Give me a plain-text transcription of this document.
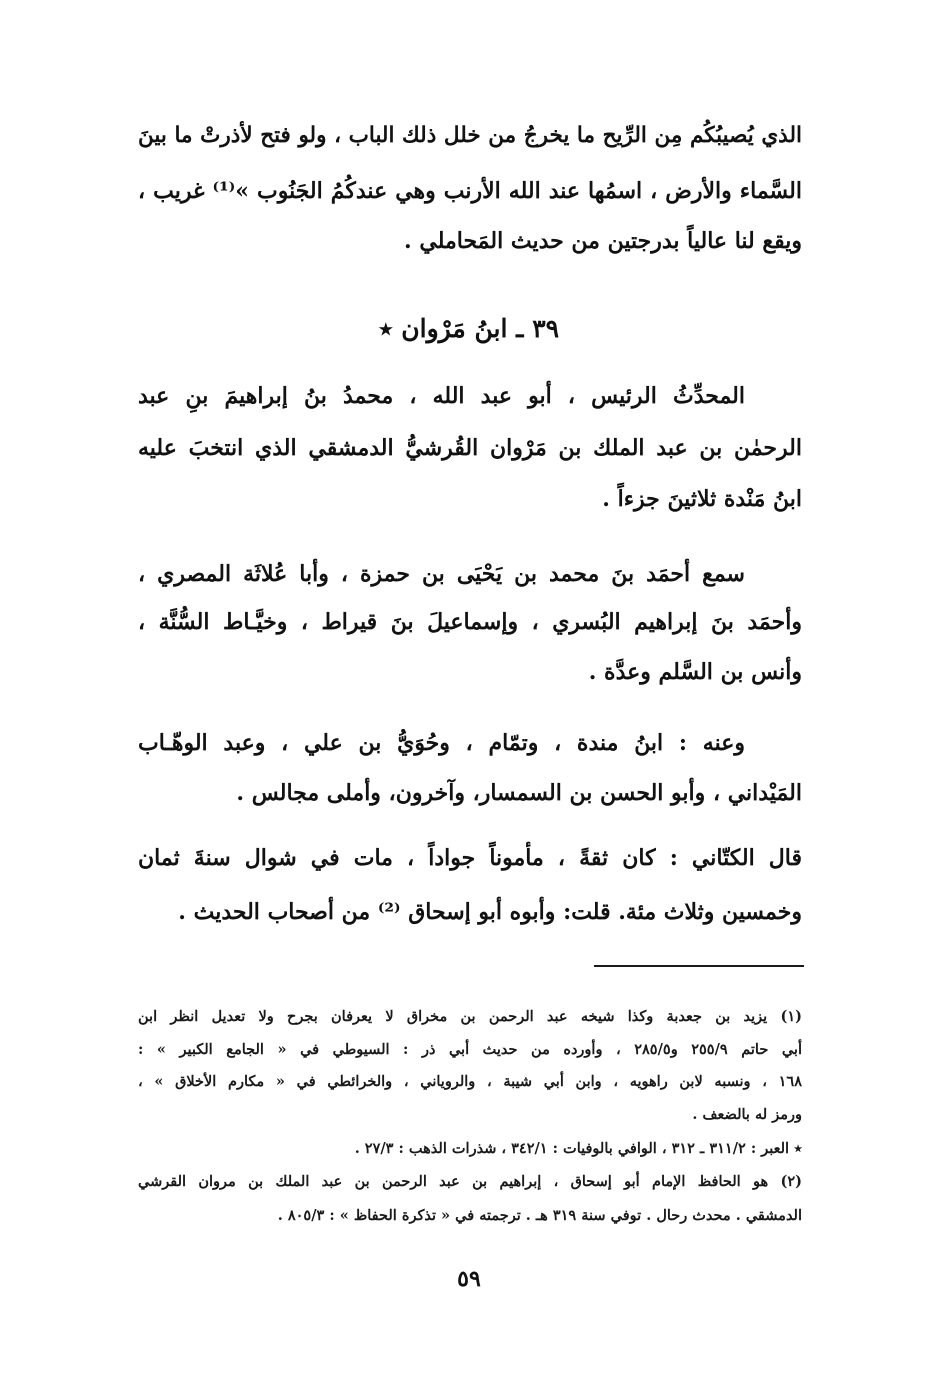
الذي يُصيبُكُم مِن الرِّيح ما يخرجُ من خلل ذلك الباب ، ولو فتح لأذرتْ ما بينَ
السَّماء والأرض ، اسمُها عند الله الأرنب وهي عندكُمُ الجَنُوب »⁽¹⁾ غريب ،
ويقع لنا عالياً بدرجتين من حديث المَحاملي .
٣٩ ـ ابنُ مَرْوان ٭
المحدِّثُ الرئيس ، أبو عبد الله ، محمدُ بنُ إبراهيمَ بنِ عبد
الرحمٰن بن عبد الملك بن مَرْوان القُرشيُّ الدمشقي الذي انتخبَ عليه
ابنُ مَنْدة ثلاثينَ جزءاً .
سمع أحمَد بنَ محمد بن يَحْيَى بن حمزة ، وأبا عُلاثَة المصري ،
وأحمَد بنَ إبراهيم البُسري ، وإسماعيلَ بنَ قيراط ، وخيَّـاط السُّنَّة ،
وأنس بن السَّلم وعدَّة .
وعنه : ابنُ مندة ، وتمّام ، وحُوَيُّ بن علي ، وعبد الوهّـاب
المَيْداني ، وأبو الحسن بن السمسار، وآخرون، وأملى مجالس .
قال الكتّاني : كان ثقةً ، مأموناً جواداً ، مات في شوال سنةَ ثمان
وخمسين وثلاث مئة. قلت: وأبوه أبو إسحاق ⁽²⁾ من أصحاب الحديث .
(١) يزيد بن جعدبة وكذا شيخه عبد الرحمن بن مخراق لا يعرفان بجرح ولا تعديل انظر ابن
أبي حاتم ٢٥٥/٩ و٢٨٥/٥ ، وأورده من حديث أبي ذر : السيوطي في « الجامع الكبير » :
١٦٨ ، ونسبه لابن راهويه ، وابن أبي شيبة ، والروياني ، والخرائطي في « مكارم الأخلاق » ،
ورمز له بالضعف .
٭ العبر : ٣١١/٢ ـ ٣١٢ ، الوافي بالوفيات : ٣٤٢/١ ، شذرات الذهب : ٢٧/٣ .
(٢) هو الحافظ الإمام أبو إسحاق ، إبراهيم بن عبد الرحمن بن عبد الملك بن مروان القرشي
الدمشقي . محدث رحال . توفي سنة ٣١٩ هـ . ترجمته في « تذكرة الحفاظ » : ٨٠٥/٣ .
٥٩
